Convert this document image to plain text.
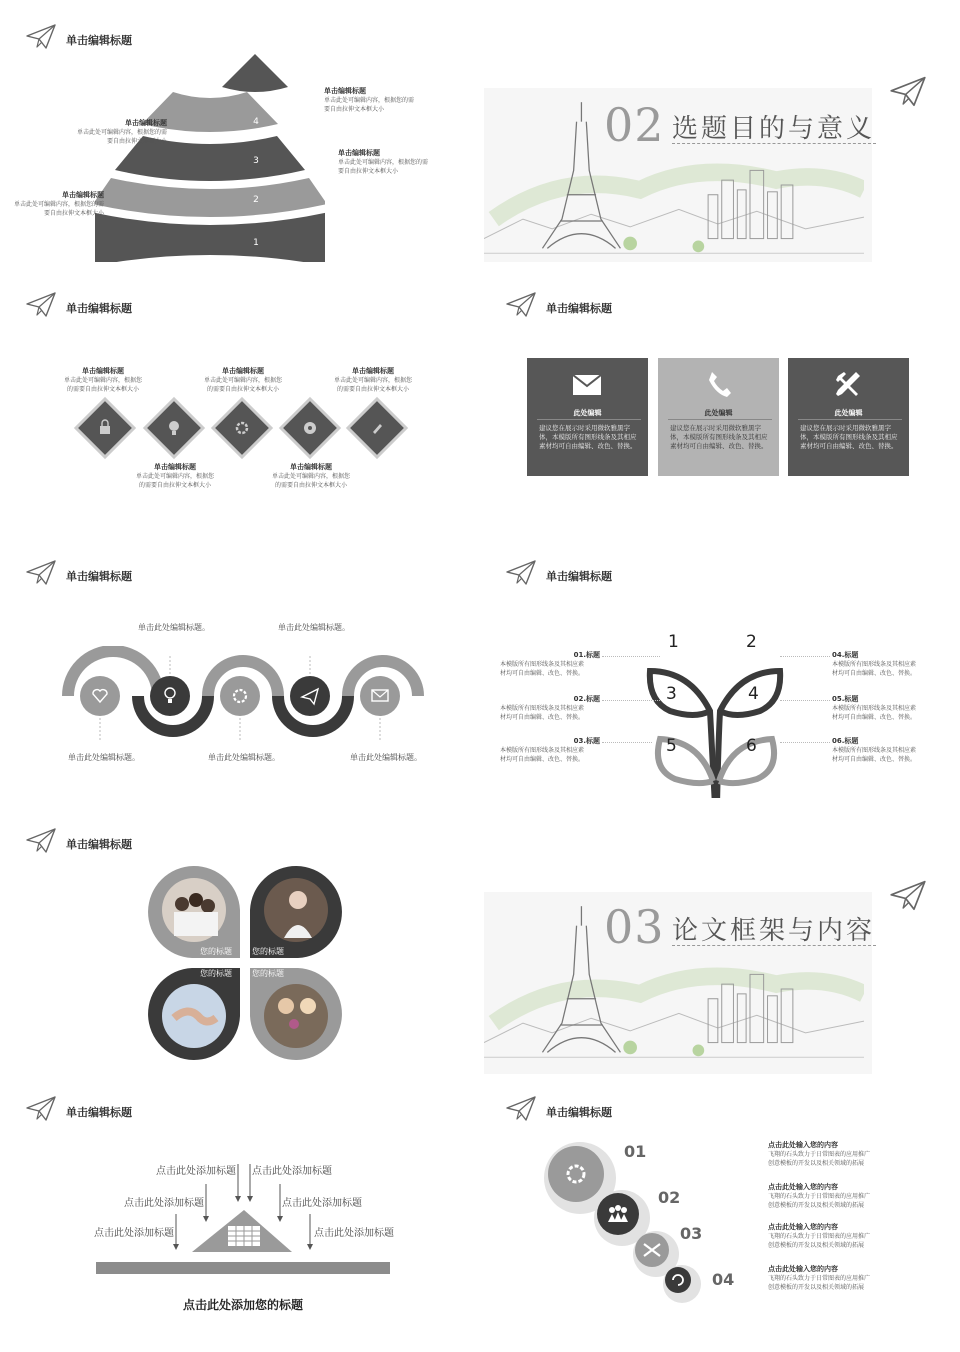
单击编辑标题
4
3
2
1
单击编辑标题
单击此处可编辑内容，根据您的需
要自由拉伸文本框大小
单击编辑标题
单击此处可编辑内容，根据您的需
要自由拉伸文本框大小
单击编辑标题
单击此处可编辑内容，根据您的需
要自由拉伸文本框大小
单击编辑标题
单击此处可编辑内容，根据您的需
要自由拉伸文本框大小
02 选题目的与意义
单击编辑标题
单击编辑标题
单击此处可编辑内容，根据您
的需要自由拉伸文本框大小
单击编辑标题
单击此处可编辑内容，根据您
的需要自由拉伸文本框大小
单击编辑标题
单击此处可编辑内容，根据您
的需要自由拉伸文本框大小
单击编辑标题
单击此处可编辑内容，根据您
的需要自由拉伸文本框大小
单击编辑标题
单击此处可编辑内容，根据您
的需要自由拉伸文本框大小
单击编辑标题
此处编辑
建议您在展示时采用微软雅黑字体，本模版所有图形线条及其相应素材均可自由编辑、改色、替换。
此处编辑
建议您在展示时采用微软雅黑字体，本模版所有图形线条及其相应素材均可自由编辑、改色、替换。
此处编辑
建议您在展示时采用微软雅黑字体，本模版所有图形线条及其相应素材均可自由编辑、改色、替换。
单击编辑标题
单击此处编辑标题。	单击此处编辑标题。
单击此处编辑标题。	单击此处编辑标题。	单击此处编辑标题。
单击编辑标题
1	2
3	4
5	6
01.标题
本模版所有图形线条及其相应素
材均可自由编辑、改色、替换。
02.标题
本模版所有图形线条及其相应素
材均可自由编辑、改色、替换。
03.标题
本模版所有图形线条及其相应素
材均可自由编辑、改色、替换。
04.标题
本模版所有图形线条及其相应素
材均可自由编辑、改色、替换。
05.标题
本模版所有图形线条及其相应素
材均可自由编辑、改色、替换。
06.标题
本模版所有图形线条及其相应素
材均可自由编辑、改色、替换。
单击编辑标题
您的标题	您的标题
您的标题	您的标题
03 论文框架与内容
单击编辑标题
点击此处添加标题 点击此处添加标题
点击此处添加标题	点击此处添加标题
点击此处添加标题	点击此处添加标题
点击此处添加您的标题
单击编辑标题
01
02
03
04
点击此处输入您的内容
飞翔的石头致力于日常图表的应用推广
创意模板的开发以及相关领域的拓展
点击此处输入您的内容
飞翔的石头致力于日常图表的应用推广
创意模板的开发以及相关领域的拓展
点击此处输入您的内容
飞翔的石头致力于日常图表的应用推广
创意模板的开发以及相关领域的拓展
点击此处输入您的内容
飞翔的石头致力于日常图表的应用推广
创意模板的开发以及相关领域的拓展
